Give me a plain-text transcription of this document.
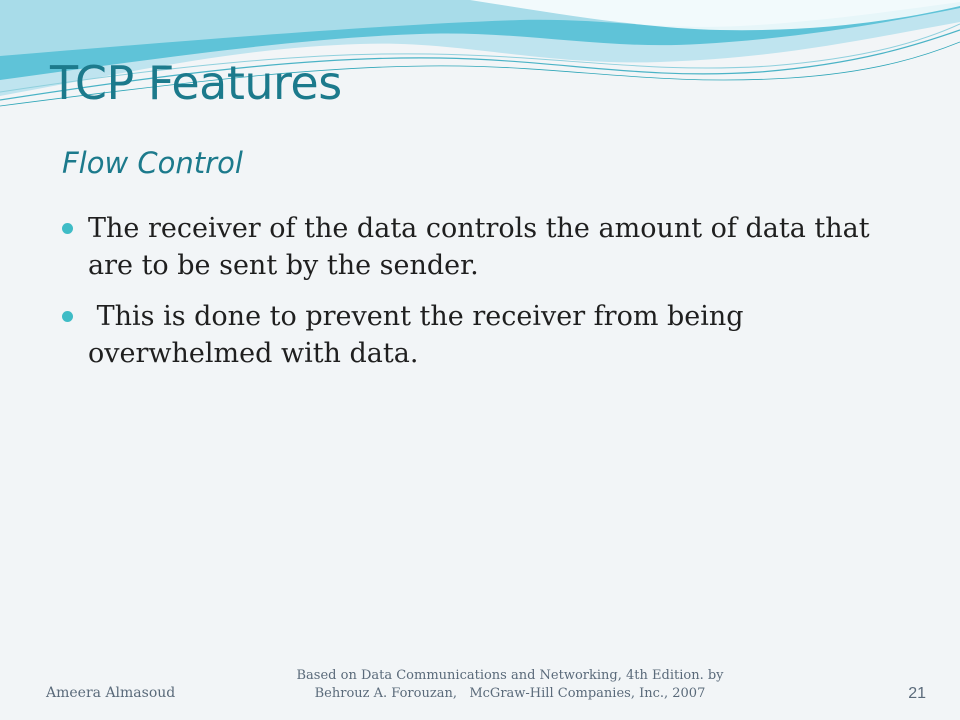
TCP Features
Flow Control
The receiver of the data controls the amount of data that are to be sent by the sender.
This is done to prevent the receiver from being overwhelmed with data.
Ameera Almasoud
Based on Data Communications and Networking, 4th Edition. by
Behrouz A. Forouzan,   McGraw-Hill Companies, Inc., 2007	21
